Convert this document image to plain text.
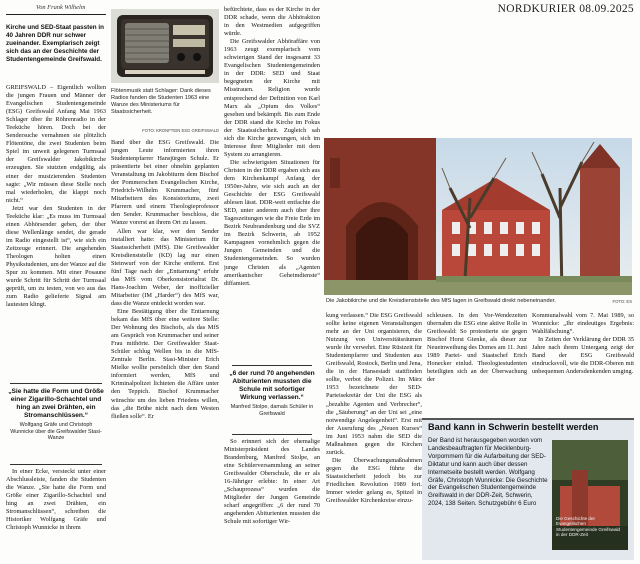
NORDKURIER 08.09.2025
Von Frank Wilhelm
Kirche und SED-Staat passten in 40 Jahren DDR nur schwer zueinander. Exemplarisch zeigt sich das an der Geschichte der Studentengemeinde Greifswald.

GREIFSWALD – Eigentlich wollten die jungen Frauen und Männer der Evangelischen Studentengemeinde (ESG) Greifswald Anfang Mai 1963 Schlager über ihr Röhrenradio in der Teeküche hören. Doch bei der Sendersuche vernahmen sie plötzlich Flötentöne, die zwei Studenten beim Spiel im unweit gelegenen Turmsaal der Greifswalder Jakobikirche erzeugten. Sie stutzten endgültig, als einer der musizierenden Studenten sagte: „Wir müssen diese Stelle noch mal wiederholen, die klappt noch nicht.“

Jetzt war den Studenten in der Teeküche klar: „Es muss im Turmsaal einen Abhörsender geben, der über diese Wellenlänge sendet, die gerade im Radio eingestellt ist“, wie sich ein Zeitzeuge erinnert. Die angehenden Theologen holten einen Physikstudenten, um der Wanze auf die Spur zu kommen. Mit einer Posaune wurde Schritt für Schritt der Turmsaal geprüft, um zu testen, von wo aus das zum Radio gelieferte Signal am lautesten klingt.

„Sie hatte die Form und Größe einer Zigarillo-Schachtel und hing an zwei Drähten, ein Stromanschlüssen.“
Wolfgang Gräfe und Christoph Wunnicke über die Greifswalder Stasi-Wanze

In einer Ecke, versteckt unter einer Abschlussleiste, fanden die Studenten die Wanze. „Sie hatte die Form und Größe einer Zigarillo-Schachtel und hing an zwei Drähten, ein Stromanschlüssen“, schreiben die Historiker Wolfgang Gräfe und Christoph Wunnicke in ihrem

Flötenmusik statt Schlager: Dank dieses Radios fanden die Studenten 1963 eine Wanze des Ministeriums für Staatssicherheit.
FOTO: KRONFTEIN ESG GREIFSWALD

Band über die ESG Greifswald. Die jungen Leute informierten ihren Studentenpfarrer Hansjürgen Schulz. Er präsentierte bei einer ohnehin geplanten Veranstaltung im Jakobiturm dem Bischof der Pommerschen Evangelischen Kirche, Friedrich-Wilhelm Krummacher, fünf Mitarbeitern des Konsistoriums, zwei Pfarrern und einem Theologieprofessor den Sender. Krummacher beschloss, die Wanze vorerst an ihrem Ort zu lassen.

Allen war klar, wer den Sender installiert hatte: das Ministerium für Staatssicherheit (MfS). Die Greifswalder Kreisdienststelle (KD) lag nur einen Steinwurf von der Kirche entfernt. Erst fünf Tage nach der „Enttarnung“ erfuhr das MfS vom Oberkonsistorialrat Dr. Hans-Joachim Weber, der inoffizieller Mitarbeiter (IM „Harder“) des MfS war, dass die Wanze entdeckt worden war.

Eine Bestätigung über die Enttarnung bekam das MfS über eine weitere Stelle: Der Wohnung des Bischofs, als das MfS am Gespräch von Krummacher und seiner Frau mithörte. Der Greifswalder Staat-Schüler schlug Wellen bis in die MfS-Zentrale Berlin. Stasi-Minister Erich Mielke wollte persönlich über den Stand informiert werden, MfS und Kriminalpolizei lichteten die Affäre unter den Teppich. Bischof Krummacher wünschte um des lieben Friedens willen, das „die Brühe nicht nach dem Westen fließen solle“. Er

befürchtete, dass es der Kirche in der DDR schade, wenn die Abhöraktion in den Westmedien aufgegriffen würde.

Die Greifswalder Abhöraffäre von 1963 zeugt exemplarisch vom schwierigen Stand der insgesamt 33 Evangelischen Studentengemeinden in der DDR: SED und Staat begegneten der Kirche mit Misstrauen. Religion wurde entsprechend der Definition von Karl Marx als „Opium des Volkes“ gesehen und bekämpft. Bis zum Ende der DDR stand die Kirche im Fokus der Staatssicherheit. Zugleich sah sich die Kirche gezwungen, sich im Interesse ihrer Mitglieder mit dem System zu arrangieren.

Die schwierigsten Situationen für Christen in der DDR ergaben sich aus dem Kirchenkampf Anfang der 1950er-Jahre, wie sich auch an der Geschichte der ESG Greifswald ablesen lässt. DDR-weit entfachte die SED, unter anderem auch über ihre Tageszeitungen wie die Freie Erde im Bezirk Neubrandenburg und die SVZ im Bezirk Schwerin, ab 1952 Kampagnen vornehmlich gegen die Jungen Gemeinden und die Studentengemeinden. So wurden junge Christen als „Agenten amerikanischer Geheimdienste“ diffamiert.

„6 der rund 70 angehenden Abiturienten mussten die Schule mit sofortiger Wirkung verlassen.“
Manfred Stolpe, damals Schüler in Greifswald

So erinnert sich der ehemalige Ministerpräsident des Landes Brandenburg, Manfred Stolpe, an eine Schülerversammlung an seiner Greifswalder Oberschule, die er als 16-Jähriger erlebte: In einer Art „Schauprozess“ wurden die Mitglieder der Jungen Gemeinde scharf angegriffen: „6 der rund 70 angehenden Abiturienten mussten die Schule mit sofortiger Wir-

Die Jakobikirche und die Kreisdienststelle des MfS lagen in Greifswald direkt nebeneinander.	FOTO: ES

kung verlassen.“ Die ESG Greifswald sollte keine eigenen Veranstaltungen mehr an der Uni organisieren, die Nutzung von Universitätsräumen wurde ihr verwehrt. Eine Rüstzeit für Studentenpfarrer und Studenten aus Greifswald, Rostock, Berlin und Jena, die in der Hansestadt stattfinden sollte, verbot die Polizei. Im März 1953 bezeichnete der SED-Parteisekretär der Uni die ESG als „bezahlte Agenten und Verbrecher“, die „Säuberung“ an der Uni sei „eine notwendige Angelegenheit“. Erst mit der Ausrufung des „Neuen Kurses“ im Juni 1953 nahm die SED die Maßnahmen gegen die Kirchen zurück.

Die Überwachungsmaßnahmen gegen die ESG führte die Staatssicherheit jedoch bis zur Friedlichen Revolution 1989 fort. Immer wieder gelang es, Spitzel in Greifswalder Kirchenkreise einzu-

schleusen. In den Vor-Wendezeiten übernahm die ESG eine aktive Rolle in Greifswald: So protestierte sie gegen Bischof Horst Gienke, als dieser zur Neueinweihung des Domes am 11. Juni 1989 Partei- und Staatschef Erich Honecker einlud. Theologiestudenten beteiligten sich an der Überwachung der

Kommunalwahl vom 7. Mai 1989, so Wunnicke: „Ihr eindeutiges Ergebnis: Wahlfälschung“.

In Zeiten der Verklärung der DDR 35 Jahre nach ihrem Untergang zeigt der Band der ESG Greifswald eindrucksvoll, wie die DDR-Oberen mit unbequemen Andersdenkenden umging.

Band kann in Schwerin bestellt werden
Der Band ist herausgegeben worden vom Landesbeauftragten für Mecklenburg-Vorpommern für die Aufarbeitung der SED-Diktatur und kann auch über dessen Internetseite bestellt werden. Wolfgang Gräfe, Christoph Wunnicke: Die Geschichte der Evangelischen Studentengemeinde Greifswald in der DDR-Zeit, Schwerin, 2024, 138 Seiten. Schutzgebühr 6 Euro
Die Geschichte der Evangelischen Studentengemeinde Greifswald in der DDR-Zeit
